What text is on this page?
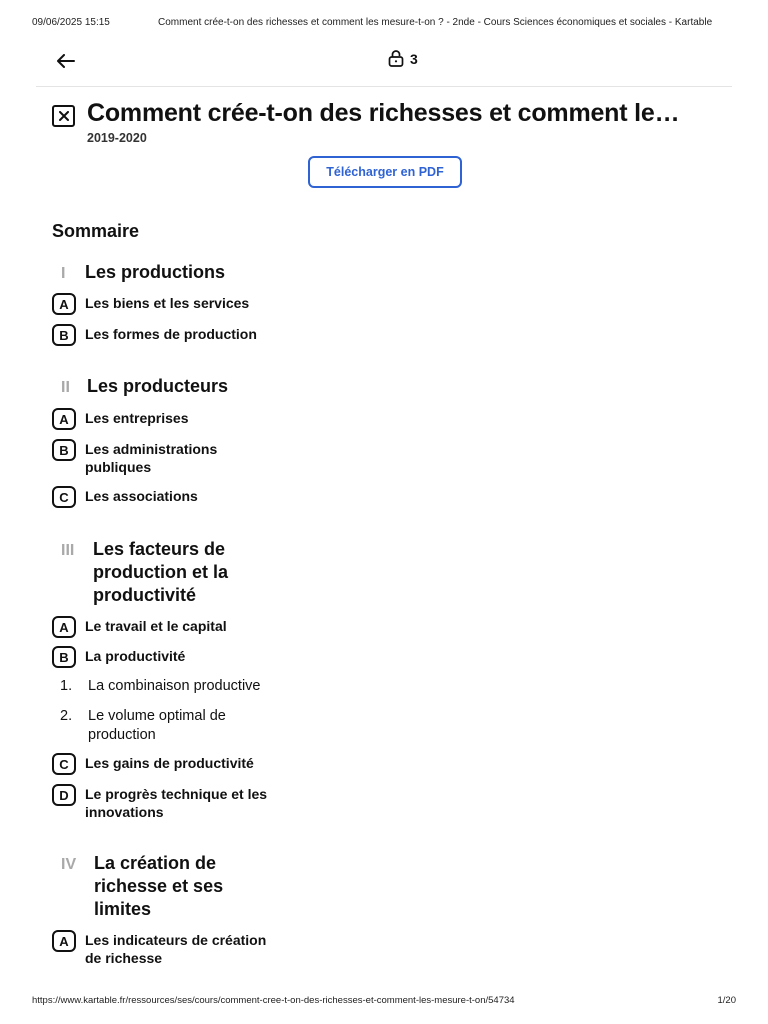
09/06/2025 15:15	Comment crée-t-on des richesses et comment les mesure-t-on ? - 2nde - Cours Sciences économiques et sociales - Kartable
3
Comment crée-t-on des richesses et comment le…
2019-2020
Télécharger en PDF
Sommaire
I Les productions
A	Les biens et les services
B	Les formes de production
II Les producteurs
A	Les entreprises
B	Les administrations publiques
C	Les associations
III Les facteurs de production et la productivité
A	Le travail et le capital
B	La productivité
1.	La combinaison productive
2.	Le volume optimal de production
C	Les gains de productivité
D	Le progrès technique et les innovations
IV La création de richesse et ses limites
A	Les indicateurs de création de richesse
https://www.kartable.fr/ressources/ses/cours/comment-cree-t-on-des-richesses-et-comment-les-mesure-t-on/54734	1/20
